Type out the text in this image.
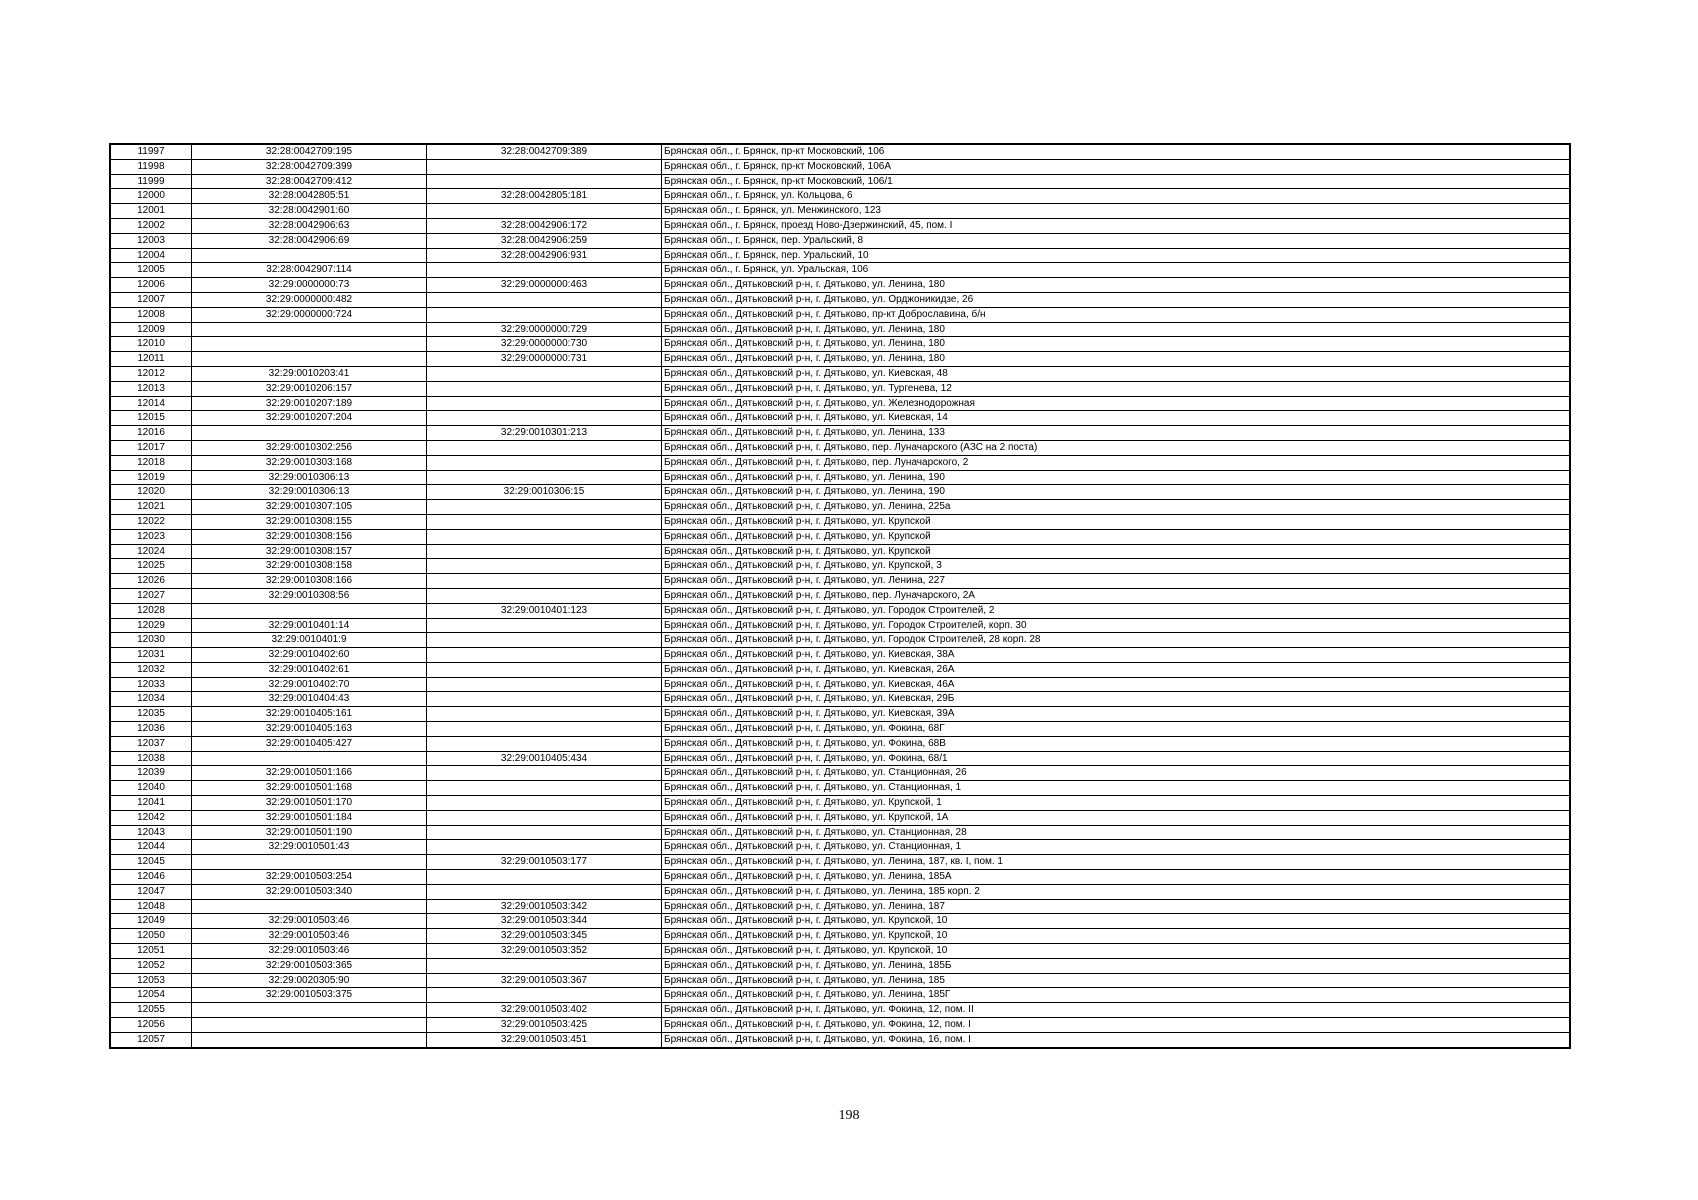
11997	32:28:0042709:195	32:28:0042709:389	Брянская обл., г. Брянск, пр-кт Московский, 106
11998	32:28:0042709:399		Брянская обл., г. Брянск, пр-кт Московский, 106А
11999	32:28:0042709:412		Брянская обл., г. Брянск, пр-кт Московский, 106/1
12000	32:28:0042805:51	32:28:0042805:181	Брянская обл., г. Брянск, ул. Кольцова, 6
12001	32:28:0042901:60		Брянская обл., г. Брянск, ул. Менжинского, 123
12002	32:28:0042906:63	32:28:0042906:172	Брянская обл., г. Брянск, проезд Ново-Дзержинский, 45, пом. I
12003	32:28:0042906:69	32:28:0042906:259	Брянская обл., г. Брянск, пер. Уральский, 8
12004		32:28:0042906:931	Брянская обл., г. Брянск, пер. Уральский, 10
12005	32:28:0042907:114		Брянская обл., г. Брянск, ул. Уральская, 106
12006	32:29:0000000:73	32:29:0000000:463	Брянская обл., Дятьковский р-н, г. Дятьково, ул. Ленина, 180
12007	32:29:0000000:482		Брянская обл., Дятьковский р-н, г. Дятьково, ул. Орджоникидзе, 26
12008	32:29:0000000:724		Брянская обл., Дятьковский р-н, г. Дятьково, пр-кт Доброславина, б/н
12009		32:29:0000000:729	Брянская обл., Дятьковский р-н, г. Дятьково, ул. Ленина, 180
12010		32:29:0000000:730	Брянская обл., Дятьковский р-н, г. Дятьково, ул. Ленина, 180
12011		32:29:0000000:731	Брянская обл., Дятьковский р-н, г. Дятьково, ул. Ленина, 180
12012	32:29:0010203:41		Брянская обл., Дятьковский р-н, г. Дятьково, ул. Киевская, 48
12013	32:29:0010206:157		Брянская обл., Дятьковский р-н, г. Дятьково, ул. Тургенева, 12
12014	32:29:0010207:189		Брянская обл., Дятьковский р-н, г. Дятьково, ул. Железнодорожная
12015	32:29:0010207:204		Брянская обл., Дятьковский р-н, г. Дятьково, ул. Киевская, 14
12016		32:29:0010301:213	Брянская обл., Дятьковский р-н, г. Дятьково, ул. Ленина, 133
12017	32:29:0010302:256		Брянская обл., Дятьковский р-н, г. Дятьково, пер. Луначарского (АЗС на 2 поста)
12018	32:29:0010303:168		Брянская обл., Дятьковский р-н, г. Дятьково, пер. Луначарского, 2
12019	32:29:0010306:13		Брянская обл., Дятьковский р-н, г. Дятьково, ул. Ленина, 190
12020	32:29:0010306:13	32:29:0010306:15	Брянская обл., Дятьковский р-н, г. Дятьково, ул. Ленина, 190
12021	32:29:0010307:105		Брянская обл., Дятьковский р-н, г. Дятьково, ул. Ленина, 225а
12022	32:29:0010308:155		Брянская обл., Дятьковский р-н, г. Дятьково, ул. Крупской
12023	32:29:0010308:156		Брянская обл., Дятьковский р-н, г. Дятьково, ул. Крупской
12024	32:29:0010308:157		Брянская обл., Дятьковский р-н, г. Дятьково, ул. Крупской
12025	32:29:0010308:158		Брянская обл., Дятьковский р-н, г. Дятьково, ул. Крупской, 3
12026	32:29:0010308:166		Брянская обл., Дятьковский р-н, г. Дятьково, ул. Ленина, 227
12027	32:29:0010308:56		Брянская обл., Дятьковский р-н, г. Дятьково, пер. Луначарского, 2А
12028		32:29:0010401:123	Брянская обл., Дятьковский р-н, г. Дятьково, ул. Городок Строителей, 2
12029	32:29:0010401:14		Брянская обл., Дятьковский р-н, г. Дятьково, ул. Городок Строителей, корп. 30
12030	32:29:0010401:9		Брянская обл., Дятьковский р-н, г. Дятьково, ул. Городок Строителей, 28 корп. 28
12031	32:29:0010402:60		Брянская обл., Дятьковский р-н, г. Дятьково, ул. Киевская, 38А
12032	32:29:0010402:61		Брянская обл., Дятьковский р-н, г. Дятьково, ул. Киевская, 26А
12033	32:29:0010402:70		Брянская обл., Дятьковский р-н, г. Дятьково, ул. Киевская, 46А
12034	32:29:0010404:43		Брянская обл., Дятьковский р-н, г. Дятьково, ул. Киевская, 29Б
12035	32:29:0010405:161		Брянская обл., Дятьковский р-н, г. Дятьково, ул. Киевская, 39А
12036	32:29:0010405:163		Брянская обл., Дятьковский р-н, г. Дятьково, ул. Фокина, 68Г
12037	32:29:0010405:427		Брянская обл., Дятьковский р-н, г. Дятьково, ул. Фокина, 68В
12038		32:29:0010405:434	Брянская обл., Дятьковский р-н, г. Дятьково, ул. Фокина, 68/1
12039	32:29:0010501:166		Брянская обл., Дятьковский р-н, г. Дятьково, ул. Станционная, 26
12040	32:29:0010501:168		Брянская обл., Дятьковский р-н, г. Дятьково, ул. Станционная, 1
12041	32:29:0010501:170		Брянская обл., Дятьковский р-н, г. Дятьково, ул. Крупской, 1
12042	32:29:0010501:184		Брянская обл., Дятьковский р-н, г. Дятьково, ул. Крупской, 1А
12043	32:29:0010501:190		Брянская обл., Дятьковский р-н, г. Дятьково, ул. Станционная, 28
12044	32:29:0010501:43		Брянская обл., Дятьковский р-н, г. Дятьково, ул. Станционная, 1
12045		32:29:0010503:177	Брянская обл., Дятьковский р-н, г. Дятьково, ул. Ленина, 187, кв. I, пом. 1
12046	32:29:0010503:254		Брянская обл., Дятьковский р-н, г. Дятьково, ул. Ленина, 185А
12047	32:29:0010503:340		Брянская обл., Дятьковский р-н, г. Дятьково, ул. Ленина, 185 корп. 2
12048		32:29:0010503:342	Брянская обл., Дятьковский р-н, г. Дятьково, ул. Ленина, 187
12049	32:29:0010503:46	32:29:0010503:344	Брянская обл., Дятьковский р-н, г. Дятьково, ул. Крупской, 10
12050	32:29:0010503:46	32:29:0010503:345	Брянская обл., Дятьковский р-н, г. Дятьково, ул. Крупской, 10
12051	32:29:0010503:46	32:29:0010503:352	Брянская обл., Дятьковский р-н, г. Дятьково, ул. Крупской, 10
12052	32:29:0010503:365		Брянская обл., Дятьковский р-н, г. Дятьково, ул. Ленина, 185Б
12053	32:29:0020305:90	32:29:0010503:367	Брянская обл., Дятьковский р-н, г. Дятьково, ул. Ленина, 185
12054	32:29:0010503:375		Брянская обл., Дятьковский р-н, г. Дятьково, ул. Ленина, 185Г
12055		32:29:0010503:402	Брянская обл., Дятьковский р-н, г. Дятьково, ул. Фокина, 12, пом. II
12056		32:29:0010503:425	Брянская обл., Дятьковский р-н, г. Дятьково, ул. Фокина, 12, пом. I
12057		32:29:0010503:451	Брянская обл., Дятьковский р-н, г. Дятьково, ул. Фокина, 16, пом. I
198
